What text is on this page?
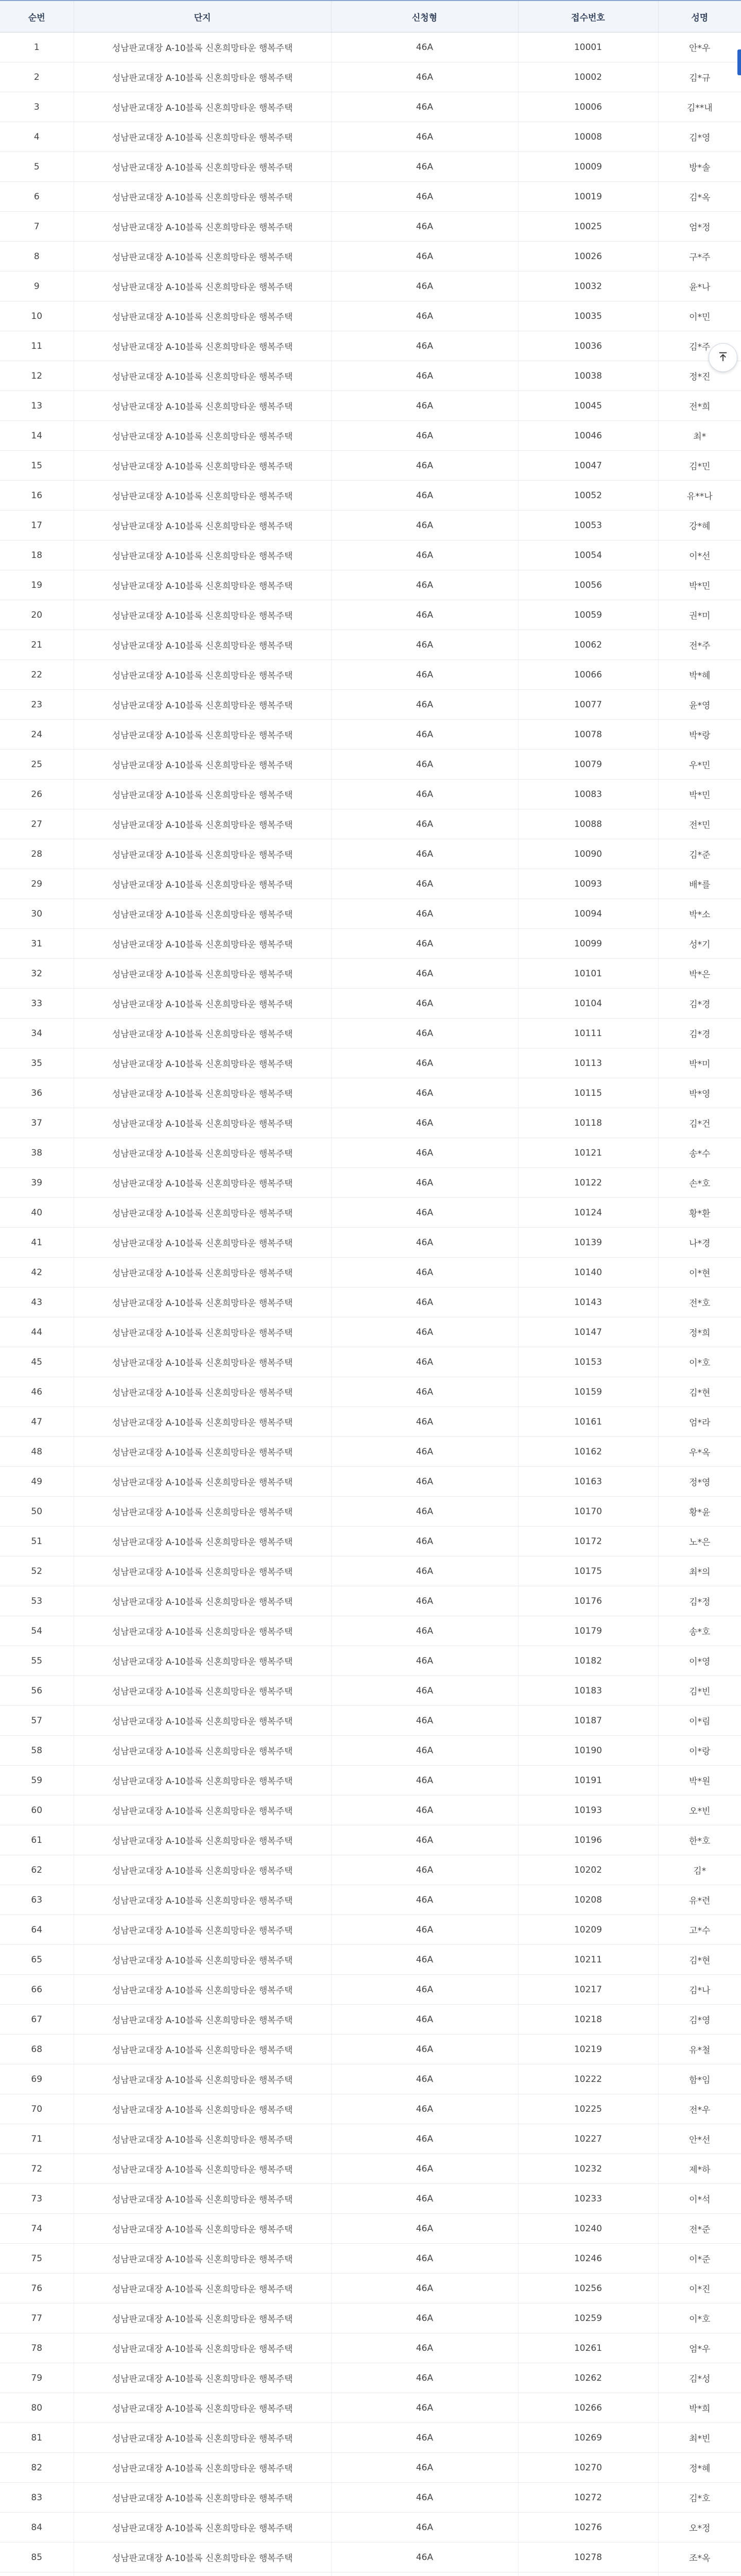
순번	단지	신청형	접수번호	성명
1	성남판교대장 A-10블록 신혼희망타운 행복주택	46A	10001	안*우
2	성남판교대장 A-10블록 신혼희망타운 행복주택	46A	10002	김*규
3	성남판교대장 A-10블록 신혼희망타운 행복주택	46A	10006	김**내
4	성남판교대장 A-10블록 신혼희망타운 행복주택	46A	10008	김*영
5	성남판교대장 A-10블록 신혼희망타운 행복주택	46A	10009	방*솔
6	성남판교대장 A-10블록 신혼희망타운 행복주택	46A	10019	김*옥
7	성남판교대장 A-10블록 신혼희망타운 행복주택	46A	10025	엄*정
8	성남판교대장 A-10블록 신혼희망타운 행복주택	46A	10026	구*주
9	성남판교대장 A-10블록 신혼희망타운 행복주택	46A	10032	윤*나
10	성남판교대장 A-10블록 신혼희망타운 행복주택	46A	10035	이*민
11	성남판교대장 A-10블록 신혼희망타운 행복주택	46A	10036	김*주
12	성남판교대장 A-10블록 신혼희망타운 행복주택	46A	10038	정*진
13	성남판교대장 A-10블록 신혼희망타운 행복주택	46A	10045	전*희
14	성남판교대장 A-10블록 신혼희망타운 행복주택	46A	10046	최*
15	성남판교대장 A-10블록 신혼희망타운 행복주택	46A	10047	김*민
16	성남판교대장 A-10블록 신혼희망타운 행복주택	46A	10052	유**나
17	성남판교대장 A-10블록 신혼희망타운 행복주택	46A	10053	강*혜
18	성남판교대장 A-10블록 신혼희망타운 행복주택	46A	10054	이*선
19	성남판교대장 A-10블록 신혼희망타운 행복주택	46A	10056	박*민
20	성남판교대장 A-10블록 신혼희망타운 행복주택	46A	10059	권*미
21	성남판교대장 A-10블록 신혼희망타운 행복주택	46A	10062	전*주
22	성남판교대장 A-10블록 신혼희망타운 행복주택	46A	10066	박*혜
23	성남판교대장 A-10블록 신혼희망타운 행복주택	46A	10077	윤*영
24	성남판교대장 A-10블록 신혼희망타운 행복주택	46A	10078	박*랑
25	성남판교대장 A-10블록 신혼희망타운 행복주택	46A	10079	우*민
26	성남판교대장 A-10블록 신혼희망타운 행복주택	46A	10083	박*민
27	성남판교대장 A-10블록 신혼희망타운 행복주택	46A	10088	전*민
28	성남판교대장 A-10블록 신혼희망타운 행복주택	46A	10090	김*준
29	성남판교대장 A-10블록 신혼희망타운 행복주택	46A	10093	배*를
30	성남판교대장 A-10블록 신혼희망타운 행복주택	46A	10094	박*소
31	성남판교대장 A-10블록 신혼희망타운 행복주택	46A	10099	성*기
32	성남판교대장 A-10블록 신혼희망타운 행복주택	46A	10101	박*은
33	성남판교대장 A-10블록 신혼희망타운 행복주택	46A	10104	김*경
34	성남판교대장 A-10블록 신혼희망타운 행복주택	46A	10111	김*경
35	성남판교대장 A-10블록 신혼희망타운 행복주택	46A	10113	박*미
36	성남판교대장 A-10블록 신혼희망타운 행복주택	46A	10115	박*영
37	성남판교대장 A-10블록 신혼희망타운 행복주택	46A	10118	김*건
38	성남판교대장 A-10블록 신혼희망타운 행복주택	46A	10121	송*수
39	성남판교대장 A-10블록 신혼희망타운 행복주택	46A	10122	손*호
40	성남판교대장 A-10블록 신혼희망타운 행복주택	46A	10124	황*환
41	성남판교대장 A-10블록 신혼희망타운 행복주택	46A	10139	나*경
42	성남판교대장 A-10블록 신혼희망타운 행복주택	46A	10140	이*현
43	성남판교대장 A-10블록 신혼희망타운 행복주택	46A	10143	전*호
44	성남판교대장 A-10블록 신혼희망타운 행복주택	46A	10147	정*희
45	성남판교대장 A-10블록 신혼희망타운 행복주택	46A	10153	이*호
46	성남판교대장 A-10블록 신혼희망타운 행복주택	46A	10159	김*현
47	성남판교대장 A-10블록 신혼희망타운 행복주택	46A	10161	엄*라
48	성남판교대장 A-10블록 신혼희망타운 행복주택	46A	10162	우*옥
49	성남판교대장 A-10블록 신혼희망타운 행복주택	46A	10163	정*영
50	성남판교대장 A-10블록 신혼희망타운 행복주택	46A	10170	황*윤
51	성남판교대장 A-10블록 신혼희망타운 행복주택	46A	10172	노*은
52	성남판교대장 A-10블록 신혼희망타운 행복주택	46A	10175	최*의
53	성남판교대장 A-10블록 신혼희망타운 행복주택	46A	10176	김*정
54	성남판교대장 A-10블록 신혼희망타운 행복주택	46A	10179	송*호
55	성남판교대장 A-10블록 신혼희망타운 행복주택	46A	10182	이*영
56	성남판교대장 A-10블록 신혼희망타운 행복주택	46A	10183	김*빈
57	성남판교대장 A-10블록 신혼희망타운 행복주택	46A	10187	이*림
58	성남판교대장 A-10블록 신혼희망타운 행복주택	46A	10190	이*랑
59	성남판교대장 A-10블록 신혼희망타운 행복주택	46A	10191	박*원
60	성남판교대장 A-10블록 신혼희망타운 행복주택	46A	10193	오*빈
61	성남판교대장 A-10블록 신혼희망타운 행복주택	46A	10196	한*호
62	성남판교대장 A-10블록 신혼희망타운 행복주택	46A	10202	김*
63	성남판교대장 A-10블록 신혼희망타운 행복주택	46A	10208	유*련
64	성남판교대장 A-10블록 신혼희망타운 행복주택	46A	10209	고*수
65	성남판교대장 A-10블록 신혼희망타운 행복주택	46A	10211	김*현
66	성남판교대장 A-10블록 신혼희망타운 행복주택	46A	10217	김*나
67	성남판교대장 A-10블록 신혼희망타운 행복주택	46A	10218	김*영
68	성남판교대장 A-10블록 신혼희망타운 행복주택	46A	10219	유*철
69	성남판교대장 A-10블록 신혼희망타운 행복주택	46A	10222	함*임
70	성남판교대장 A-10블록 신혼희망타운 행복주택	46A	10225	전*우
71	성남판교대장 A-10블록 신혼희망타운 행복주택	46A	10227	안*선
72	성남판교대장 A-10블록 신혼희망타운 행복주택	46A	10232	제*하
73	성남판교대장 A-10블록 신혼희망타운 행복주택	46A	10233	이*석
74	성남판교대장 A-10블록 신혼희망타운 행복주택	46A	10240	전*준
75	성남판교대장 A-10블록 신혼희망타운 행복주택	46A	10246	이*준
76	성남판교대장 A-10블록 신혼희망타운 행복주택	46A	10256	이*진
77	성남판교대장 A-10블록 신혼희망타운 행복주택	46A	10259	이*호
78	성남판교대장 A-10블록 신혼희망타운 행복주택	46A	10261	엄*우
79	성남판교대장 A-10블록 신혼희망타운 행복주택	46A	10262	김*성
80	성남판교대장 A-10블록 신혼희망타운 행복주택	46A	10266	박*희
81	성남판교대장 A-10블록 신혼희망타운 행복주택	46A	10269	최*빈
82	성남판교대장 A-10블록 신혼희망타운 행복주택	46A	10270	정*혜
83	성남판교대장 A-10블록 신혼희망타운 행복주택	46A	10272	김*호
84	성남판교대장 A-10블록 신혼희망타운 행복주택	46A	10276	오*정
85	성남판교대장 A-10블록 신혼희망타운 행복주택	46A	10278	조*옥
